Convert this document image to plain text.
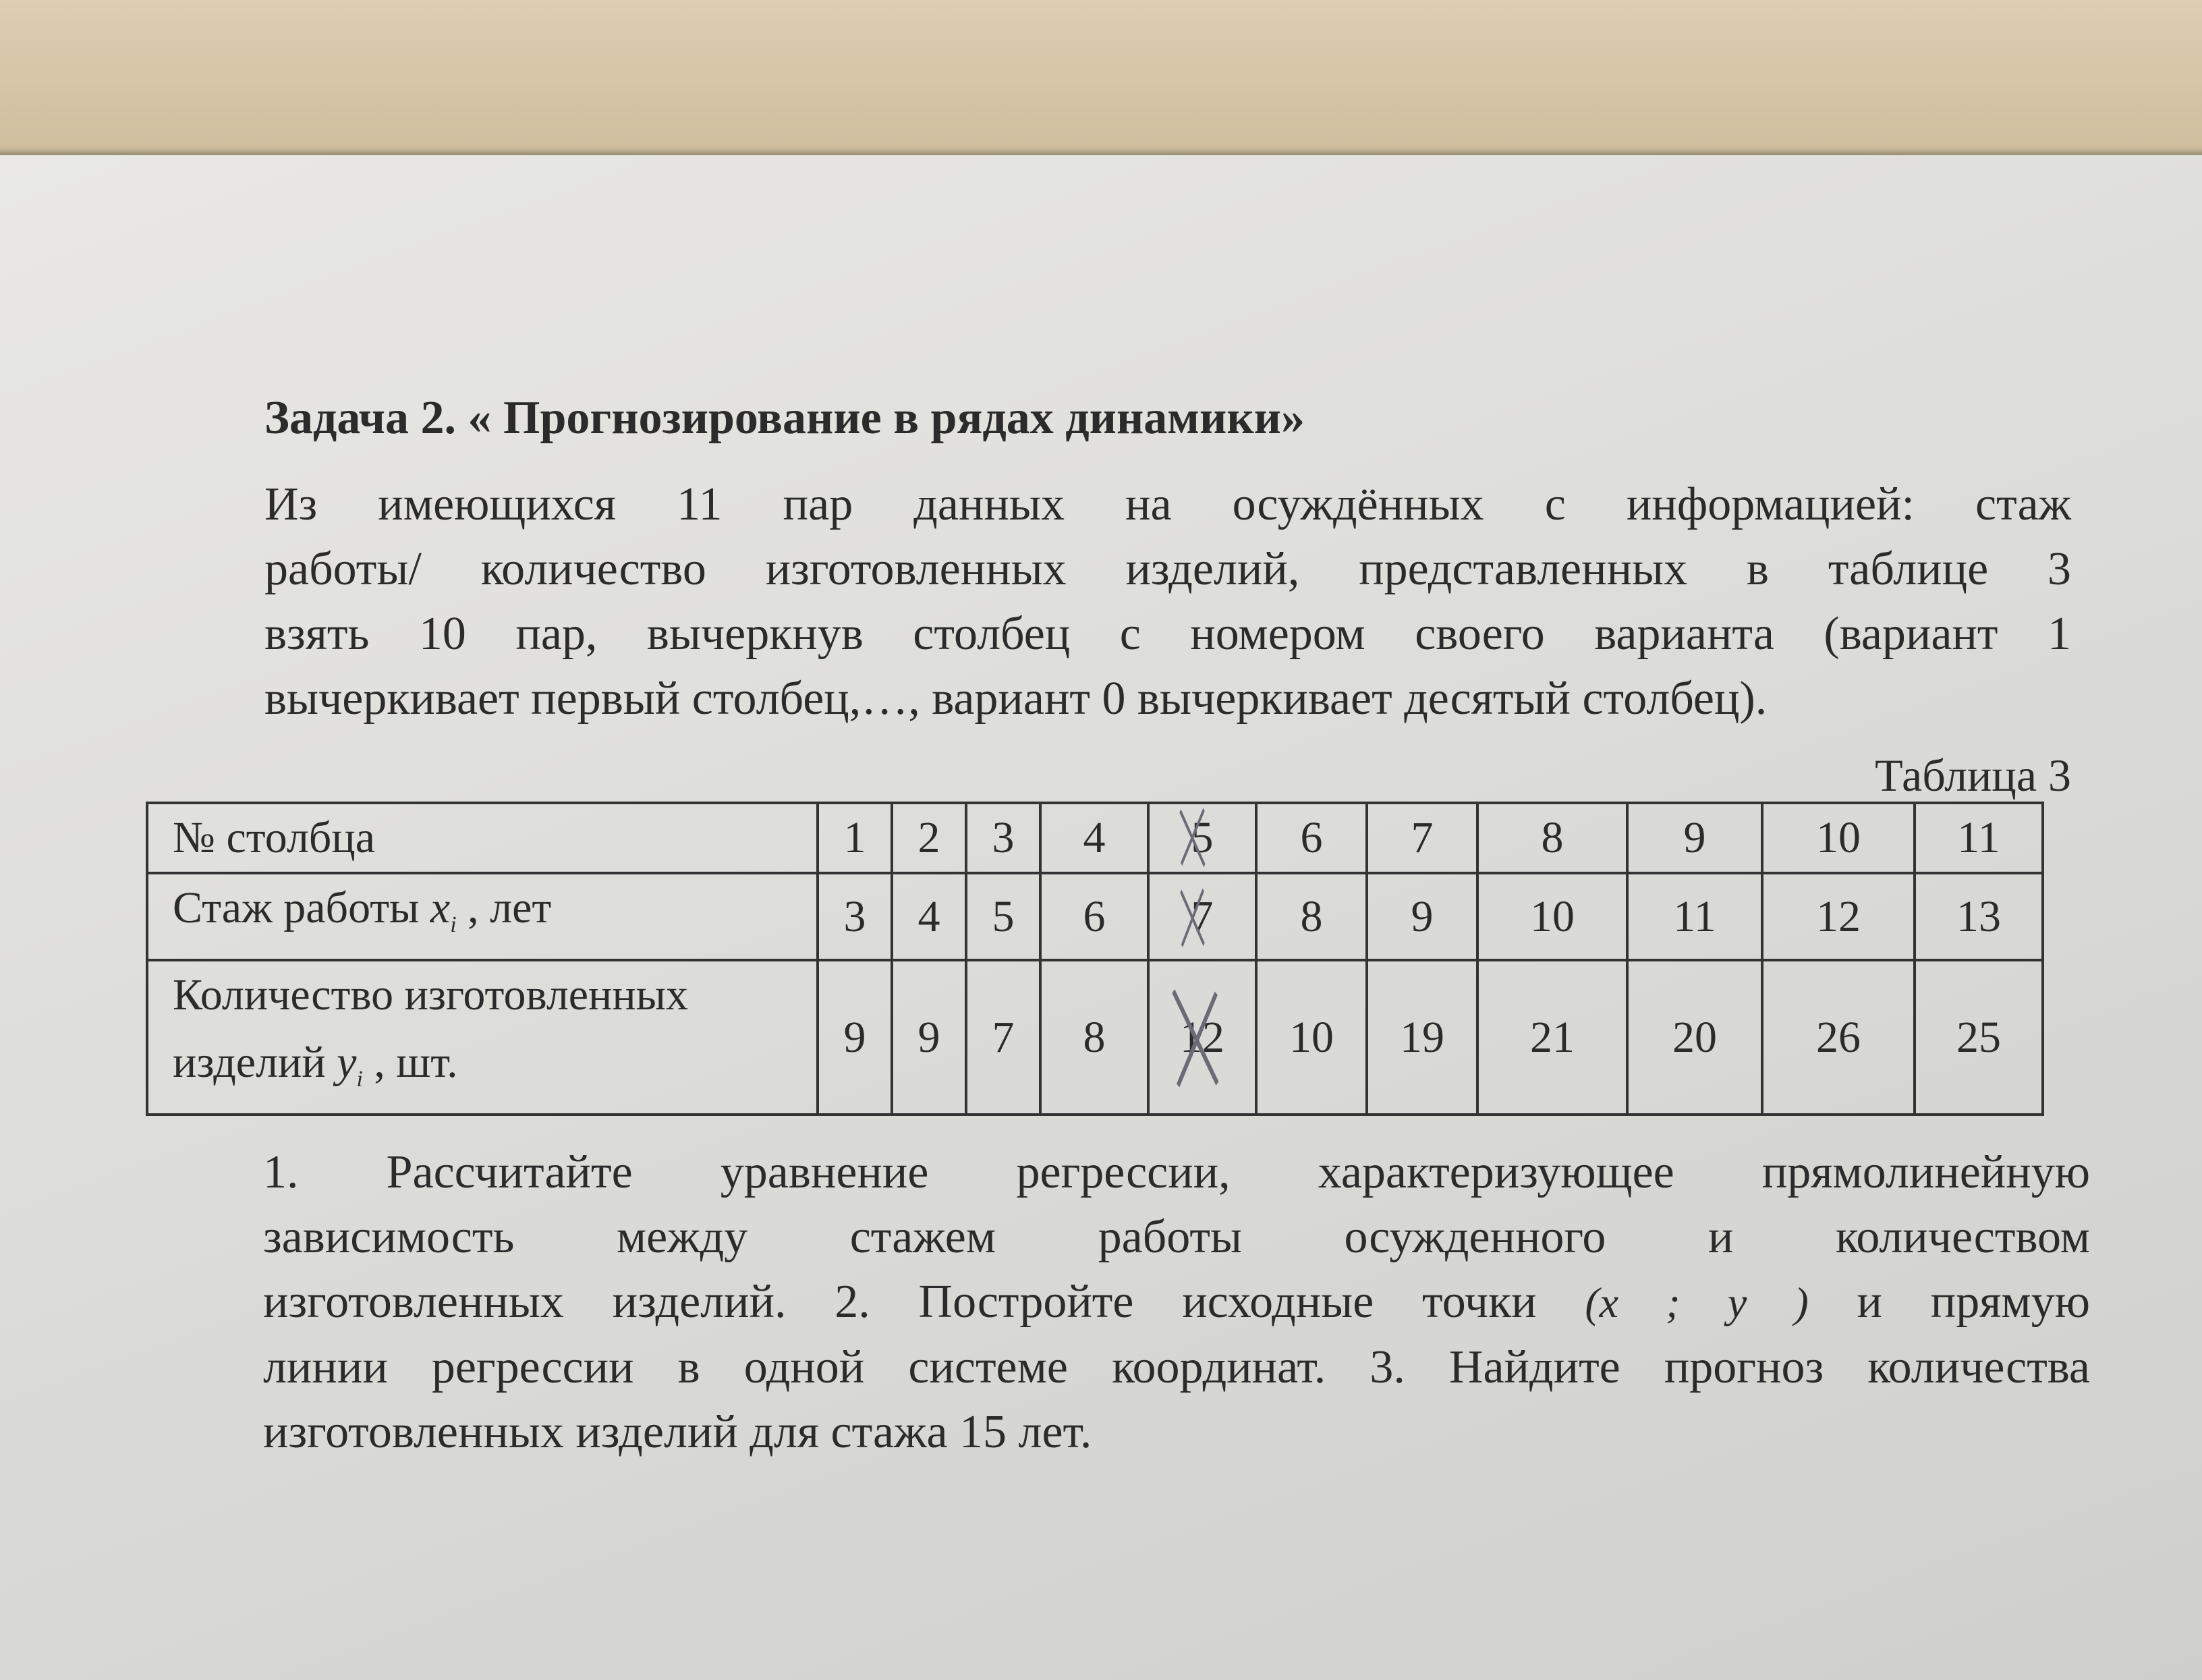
Задача 2. « Прогнозирование в рядах динамики»
Из имеющихся 11 пар данных на осуждённых с информацией: стаж
работы/ количество изготовленных изделий, представленных в таблице 3
взять 10 пар, вычеркнув столбец с номером своего варианта (вариант 1
вычеркивает первый столбец,…, вариант 0 вычеркивает десятый столбец).
Таблица 3
№ столбца	1	2	3	4	5	6	7	8	9	10	11
Стаж работы $x_i$ , лет	3	4	5	6	7	8	9	10	11	12	13
Количество изготовленных
изделий $y_i$ , шт.	9	9	7	8	12	10	19	21	20	26	25
1. Рассчитайте уравнение регрессии, характеризующее прямолинейную
зависимость между стажем работы осужденного и количеством
изготовленных изделий. 2. Постройте исходные точки (x ; y ) и прямую
линии регрессии в одной системе координат. 3. Найдите прогноз количества
изготовленных изделий для стажа 15 лет.
